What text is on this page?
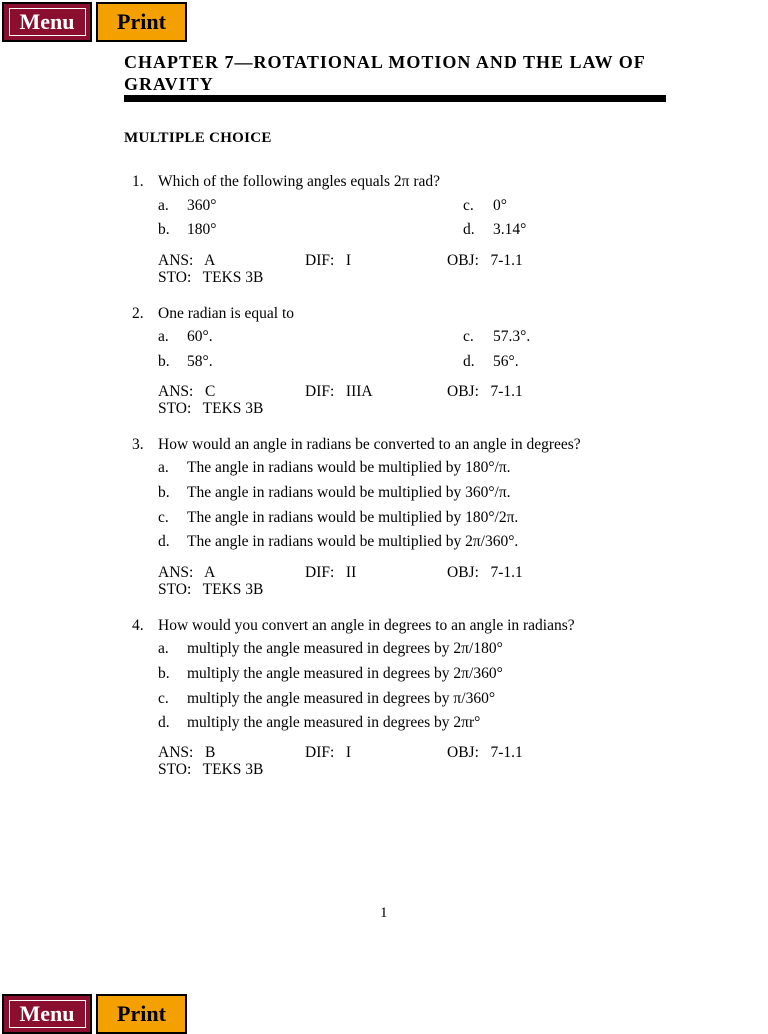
Menu	Print
CHAPTER 7—ROTATIONAL MOTION AND THE LAW OF GRAVITY
MULTIPLE CHOICE
1. Which of the following angles equals 2π rad?
a. 360°
b. 180°
c. 0°
d. 3.14°
ANS:   A	DIF:   I	OBJ:   7-1.1
STO:   TEKS 3B
2. One radian is equal to
a. 60°.
b. 58°.
c. 57.3°.
d. 56°.
ANS:   C	DIF:   IIIA	OBJ:   7-1.1
STO:   TEKS 3B
3. How would an angle in radians be converted to an angle in degrees?
a. The angle in radians would be multiplied by 180°/π.
b. The angle in radians would be multiplied by 360°/π.
c. The angle in radians would be multiplied by 180°/2π.
d. The angle in radians would be multiplied by 2π/360°.
ANS:   A	DIF:   II	OBJ:   7-1.1
STO:   TEKS 3B
4. How would you convert an angle in degrees to an angle in radians?
a. multiply the angle measured in degrees by 2π/180°
b. multiply the angle measured in degrees by 2π/360°
c. multiply the angle measured in degrees by π/360°
d. multiply the angle measured in degrees by 2πr°
ANS:   B	DIF:   I	OBJ:   7-1.1
STO:   TEKS 3B
1
Menu	Print
